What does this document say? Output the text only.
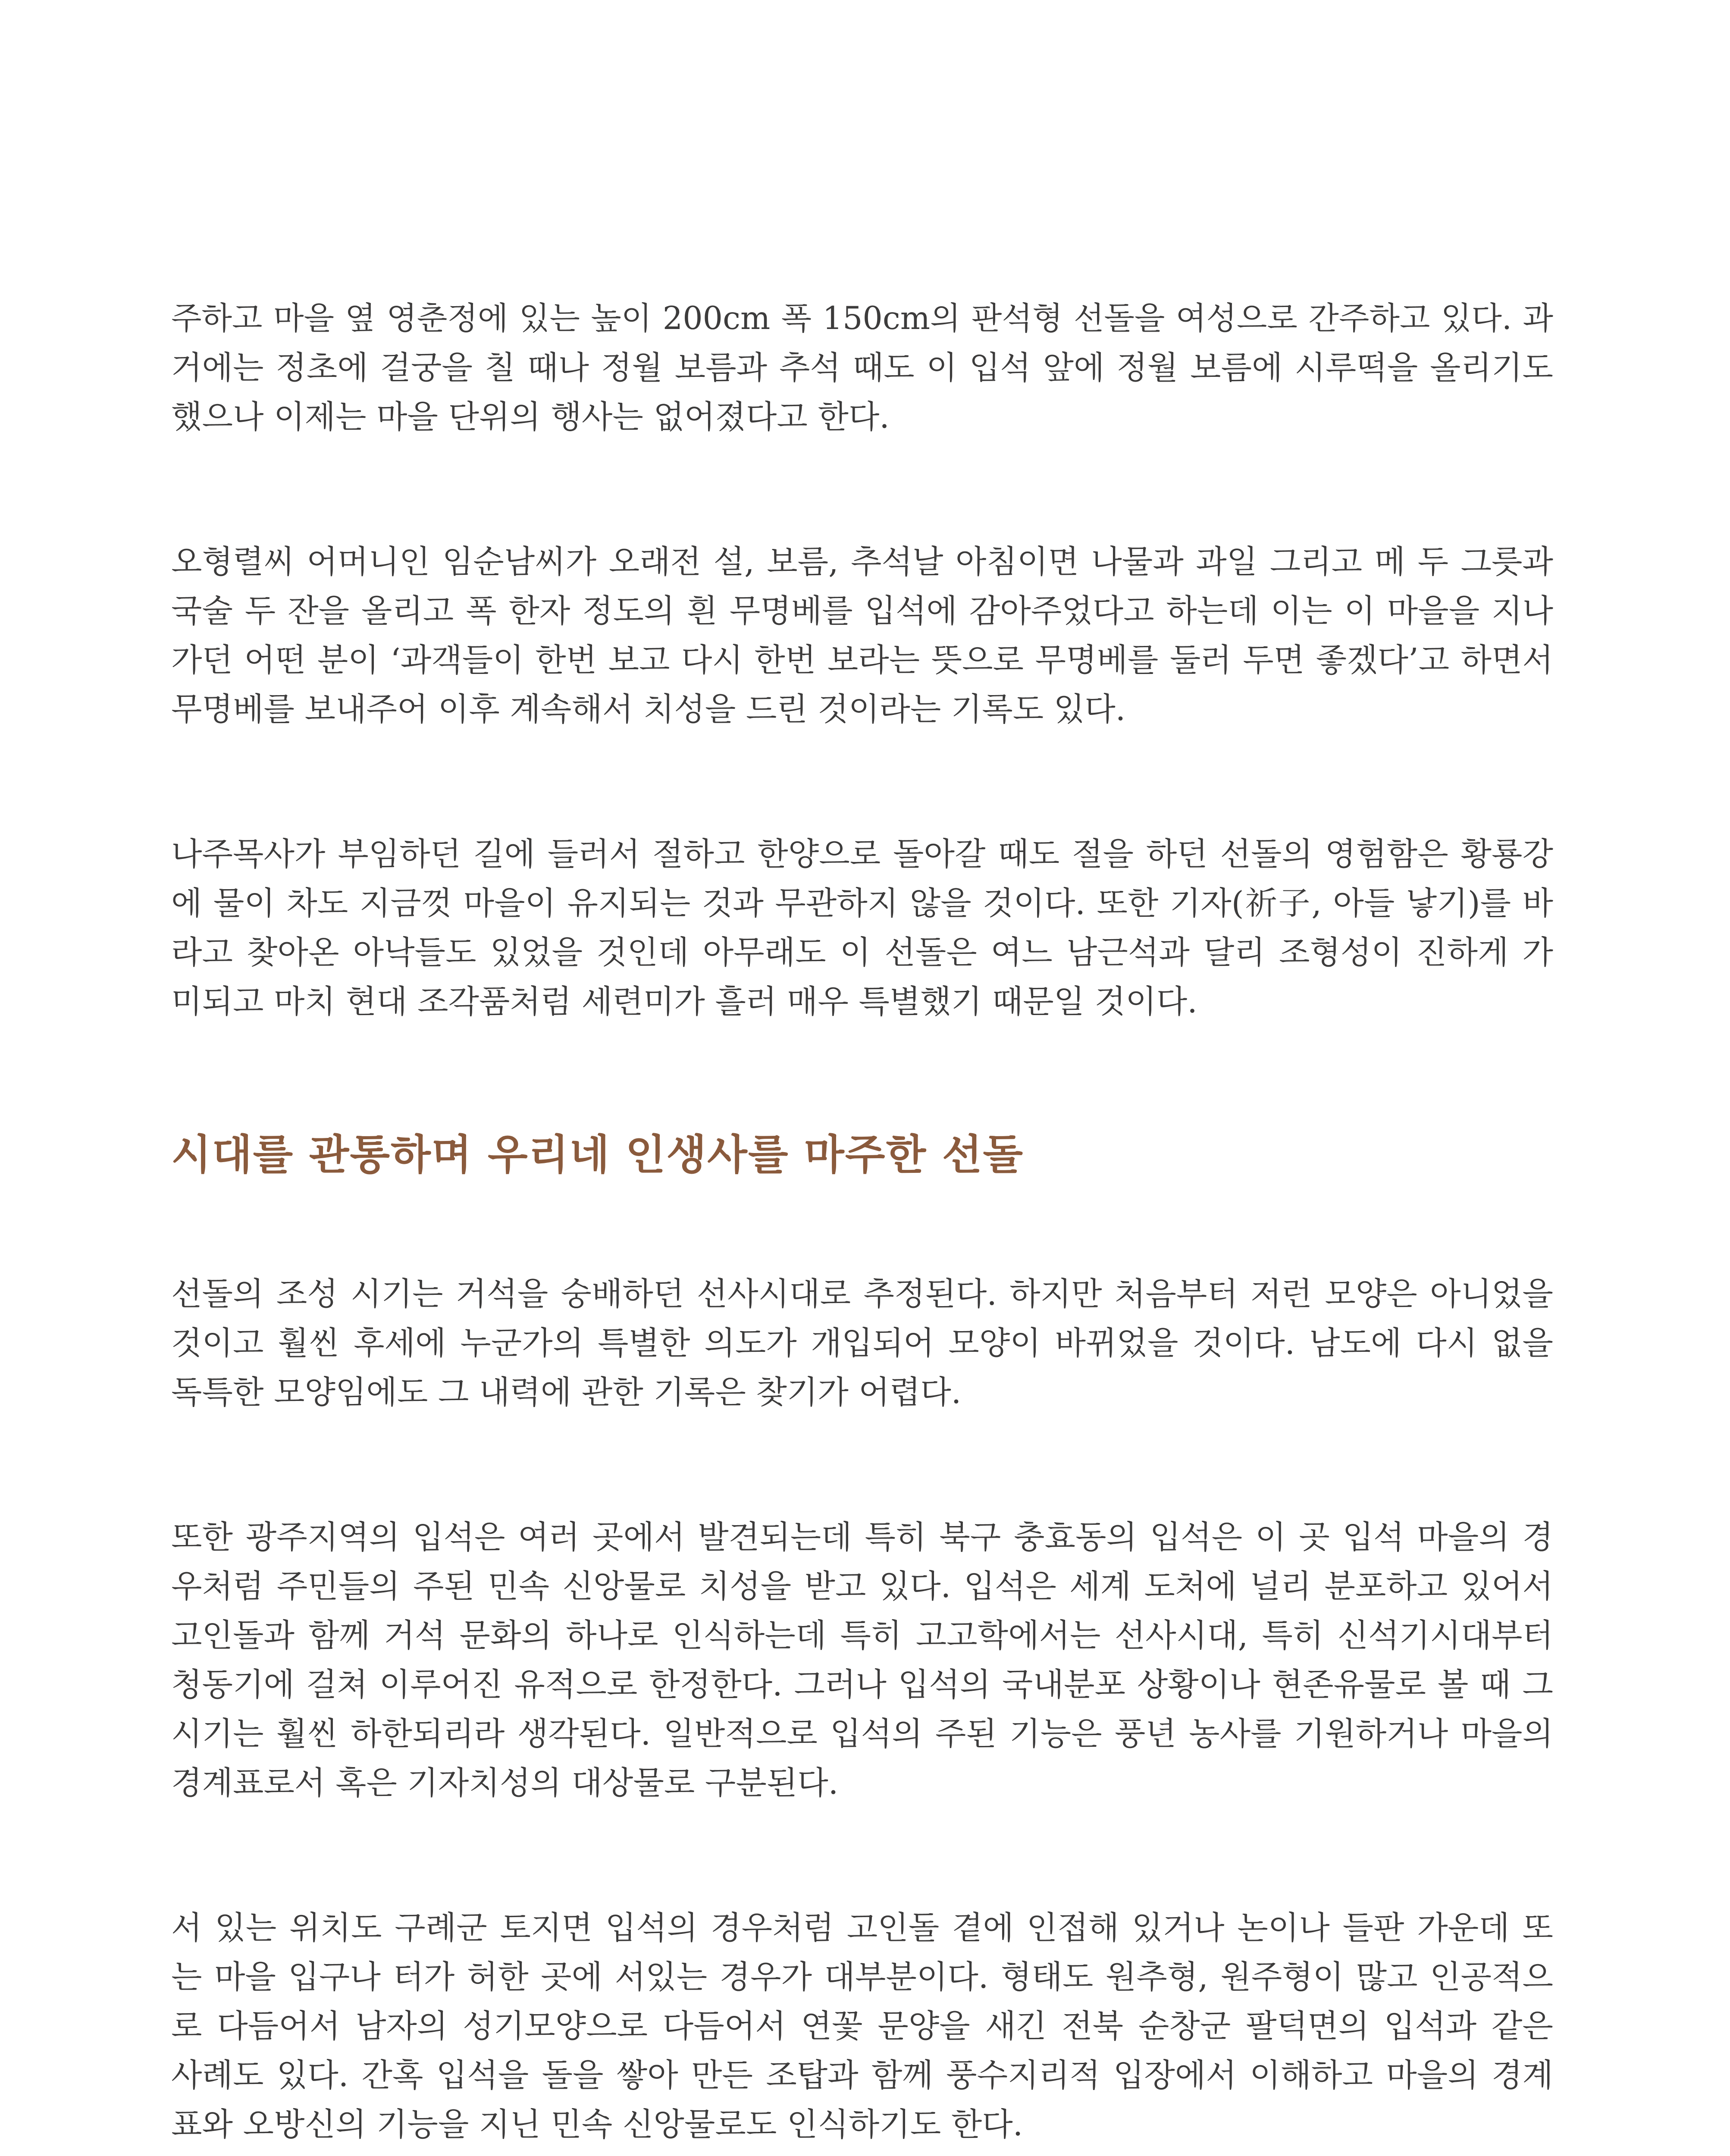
주하고 마을 옆 영춘정에 있는 높이 200cm 폭 150cm의 판석형 선돌을 여성으로 간주하고 있다. 과
거에는 정초에 걸궁을 칠 때나 정월 보름과 추석 때도 이 입석 앞에 정월 보름에 시루떡을 올리기도
했으나 이제는 마을 단위의 행사는 없어졌다고 한다.

오형렬씨 어머니인 임순남씨가 오래전 설, 보름, 추석날 아침이면 나물과 과일 그리고 메 두 그릇과
국술 두 잔을 올리고 폭 한자 정도의 흰 무명베를 입석에 감아주었다고 하는데 이는 이 마을을 지나
가던 어떤 분이 ‘과객들이 한번 보고 다시 한번 보라는 뜻으로 무명베를 둘러 두면 좋겠다’고 하면서
무명베를 보내주어 이후 계속해서 치성을 드린 것이라는 기록도 있다.

나주목사가 부임하던 길에 들러서 절하고 한양으로 돌아갈 때도 절을 하던 선돌의 영험함은 황룡강
에 물이 차도 지금껏 마을이 유지되는 것과 무관하지 않을 것이다. 또한 기자(祈子, 아들 낳기)를 바
라고 찾아온 아낙들도 있었을 것인데 아무래도 이 선돌은 여느 남근석과 달리 조형성이 진하게 가
미되고 마치 현대 조각품처럼 세련미가 흘러 매우 특별했기 때문일 것이다.

시대를 관통하며 우리네 인생사를 마주한 선돌

선돌의 조성 시기는 거석을 숭배하던 선사시대로 추정된다. 하지만 처음부터 저런 모양은 아니었을
것이고 훨씬 후세에 누군가의 특별한 의도가 개입되어 모양이 바뀌었을 것이다. 남도에 다시 없을
독특한 모양임에도 그 내력에 관한 기록은 찾기가 어렵다.

또한 광주지역의 입석은 여러 곳에서 발견되는데 특히 북구 충효동의 입석은 이 곳 입석 마을의 경
우처럼 주민들의 주된 민속 신앙물로 치성을 받고 있다. 입석은 세계 도처에 널리 분포하고 있어서
고인돌과 함께 거석 문화의 하나로 인식하는데 특히 고고학에서는 선사시대, 특히 신석기시대부터
청동기에 걸쳐 이루어진 유적으로 한정한다. 그러나 입석의 국내분포 상황이나 현존유물로 볼 때 그
시기는 훨씬 하한되리라 생각된다. 일반적으로 입석의 주된 기능은 풍년 농사를 기원하거나 마을의
경계표로서 혹은 기자치성의 대상물로 구분된다.

서 있는 위치도 구례군 토지면 입석의 경우처럼 고인돌 곁에 인접해 있거나 논이나 들판 가운데 또
는 마을 입구나 터가 허한 곳에 서있는 경우가 대부분이다. 형태도 원추형, 원주형이 많고 인공적으
로 다듬어서 남자의 성기모양으로 다듬어서 연꽃 문양을 새긴 전북 순창군 팔덕면의 입석과 같은
사례도 있다. 간혹 입석을 돌을 쌓아 만든 조탑과 함께 풍수지리적 입장에서 이해하고 마을의 경계
표와 오방신의 기능을 지닌 민속 신앙물로도 인식하기도 한다.
